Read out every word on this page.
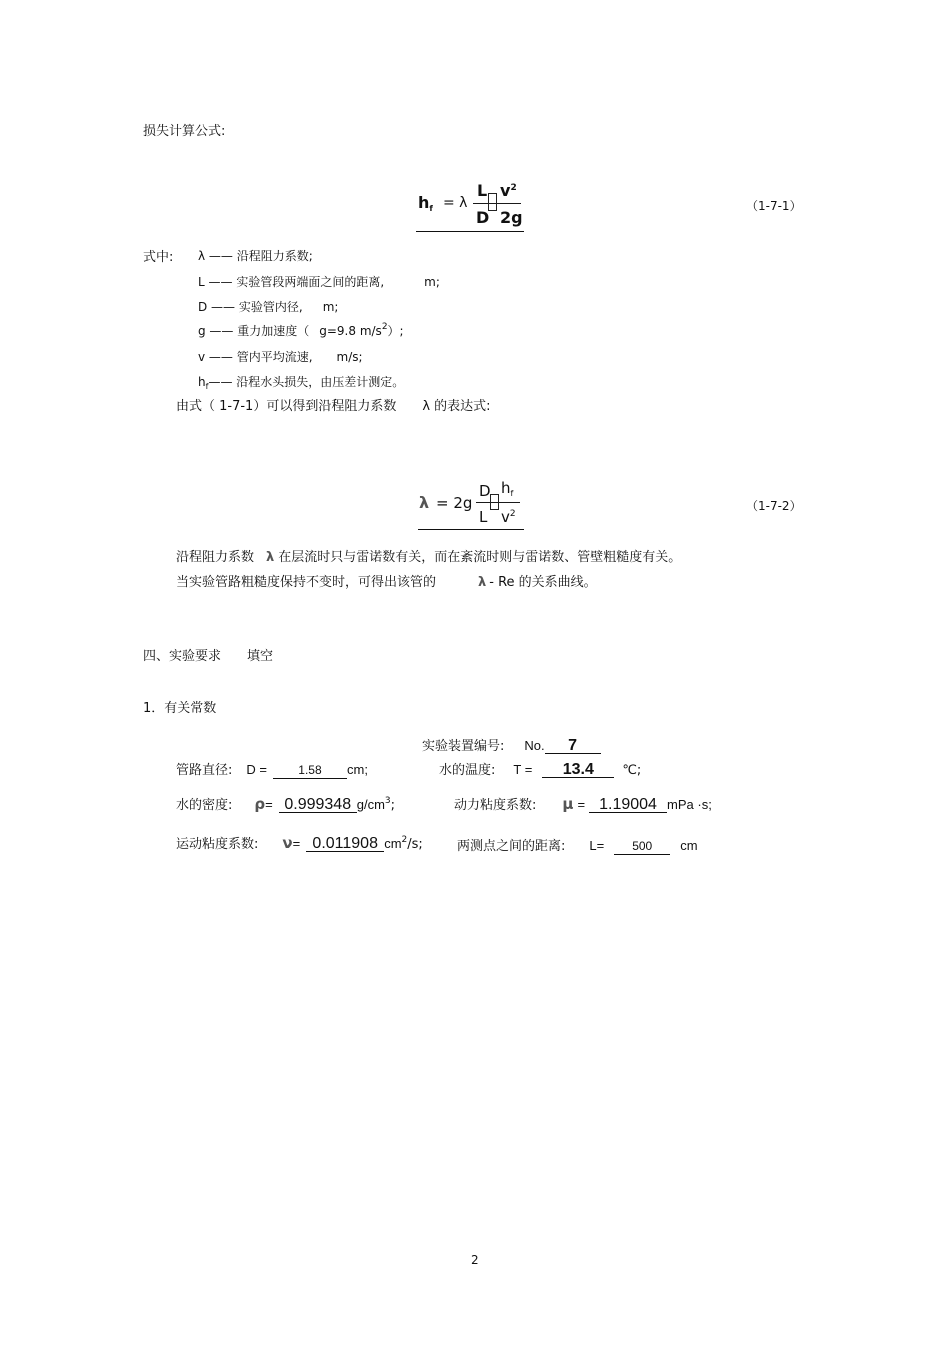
损失计算公式:
hf = λ
L $v^2$
D 2g
（1-7-1）
式中: λ —— 沿程阻力系数;
L —— 实验管段两端面之间的距离,	m;
D —— 实验管内径, m;
g —— 重力加速度（ g=9.8 $m/s^2$）;
v —— 管内平均流速, m/s;
$h_f——$ 沿程水头损失，由压差计测定。
由式（ 1-7-1）可以得到沿程阻力系数 λ 的表达式:
λ = 2g
D $h_f$
L $v^2$
（1-7-2）
沿程阻力系数 λ 在层流时只与雷诺数有关，而在紊流时则与雷诺数、管壁粗糙度有关。
当实验管路粗糙度保持不变时，可得出该管的	λ - Re 的关系曲线。
四、实验要求 填空
1．有关常数
实验装置编号: No. 7
管路直径: D =	1.58 cm;	水的温度: T = 13.4 ℃;
水的密度: ρ= 0.999348 $g/cm^3$;	动力粘度系数: μ = 1.19004 mPa ·s;
运动粘度系数: ν= 0.011908 $cm^2/s$;	两测点之间的距离: L= 500 cm
2
